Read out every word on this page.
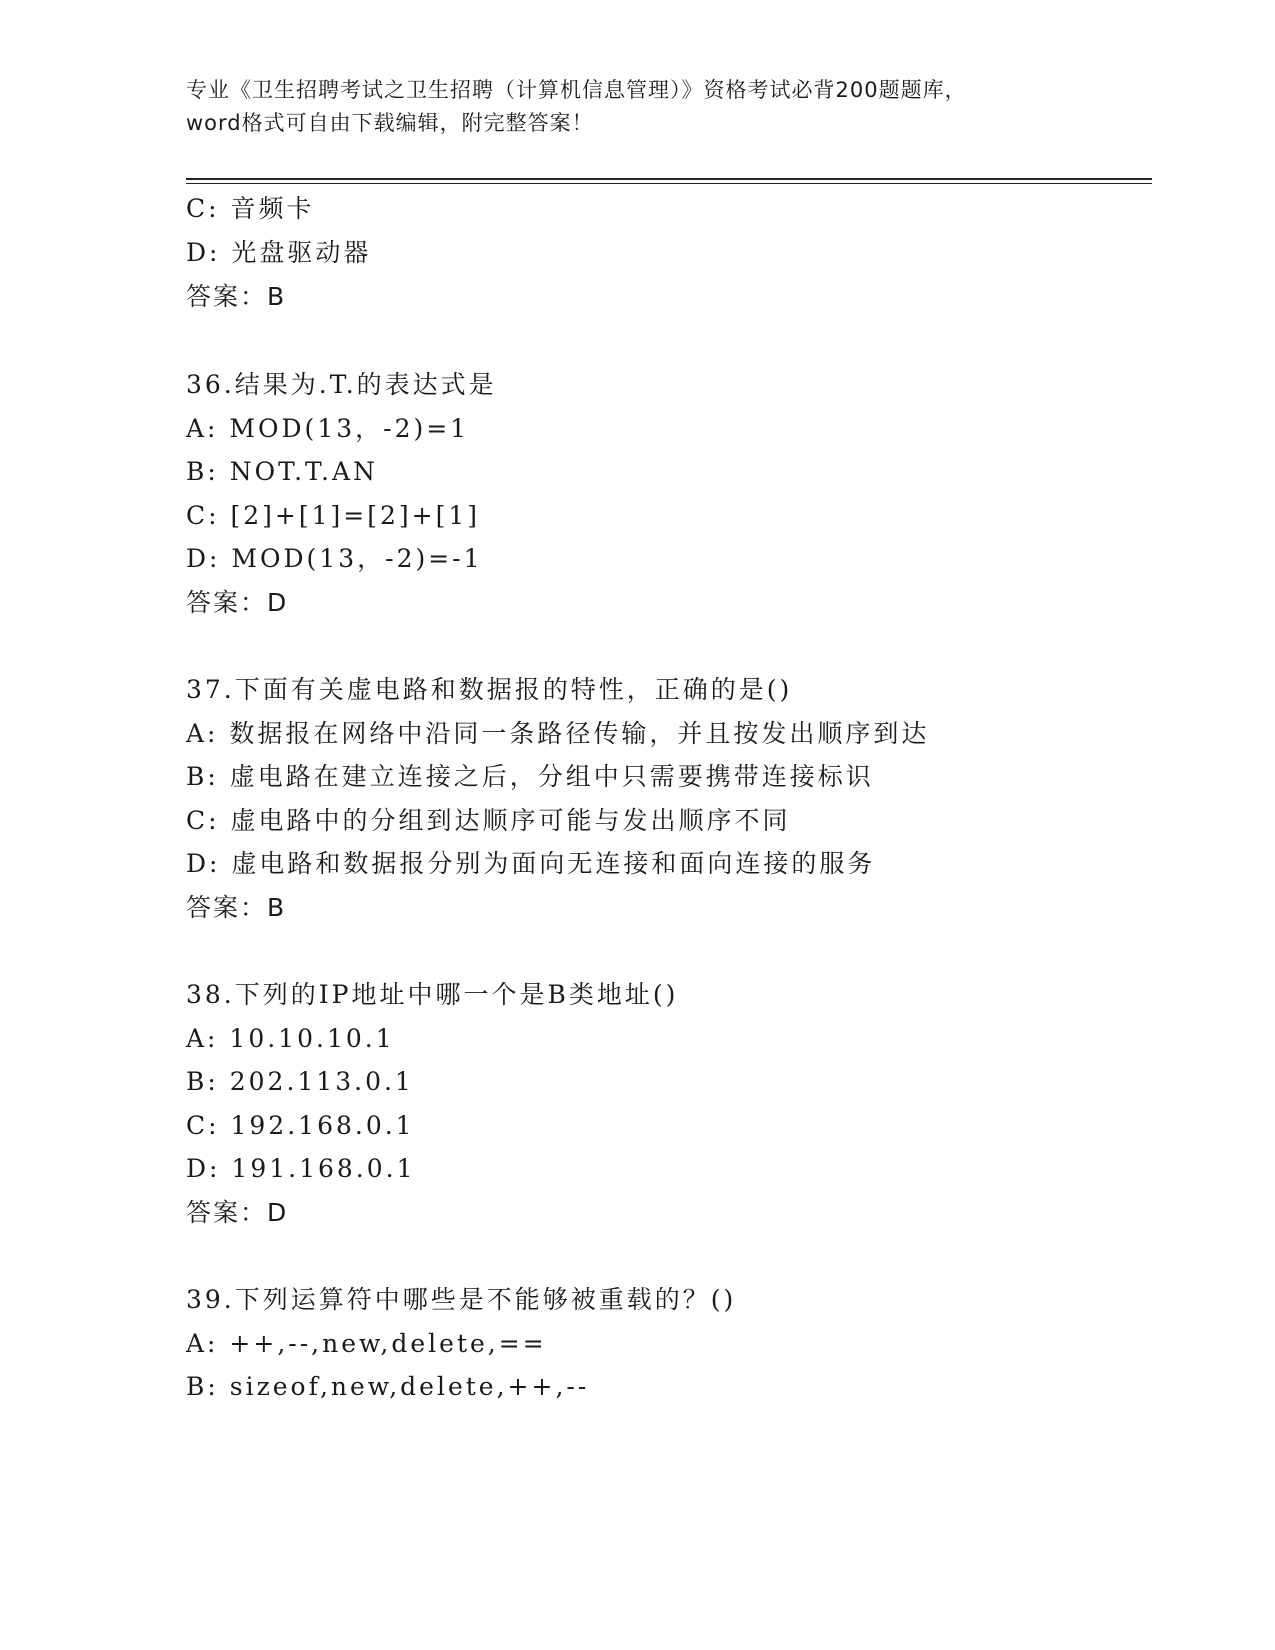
专业《卫生招聘考试之卫生招聘（计算机信息管理）》资格考试必背200题题库，
word格式可自由下载编辑，附完整答案！
C: 音频卡
D: 光盘驱动器
答案：B
36.结果为.T.的表达式是
A: MOD(13，-2)=1
B: NOT.T.AN
C: [2]+[1]=[2]+[1]
D: MOD(13，-2)=-1
答案：D
37.下面有关虚电路和数据报的特性，正确的是()
A: 数据报在网络中沿同一条路径传输，并且按发出顺序到达
B: 虚电路在建立连接之后，分组中只需要携带连接标识
C: 虚电路中的分组到达顺序可能与发出顺序不同
D: 虚电路和数据报分别为面向无连接和面向连接的服务
答案：B
38.下列的IP地址中哪一个是B类地址()
A: 10.10.10.1
B: 202.113.0.1
C: 192.168.0.1
D: 191.168.0.1
答案：D
39.下列运算符中哪些是不能够被重载的？()
A: ++,--,new,delete,==
B: sizeof,new,delete,++,--
